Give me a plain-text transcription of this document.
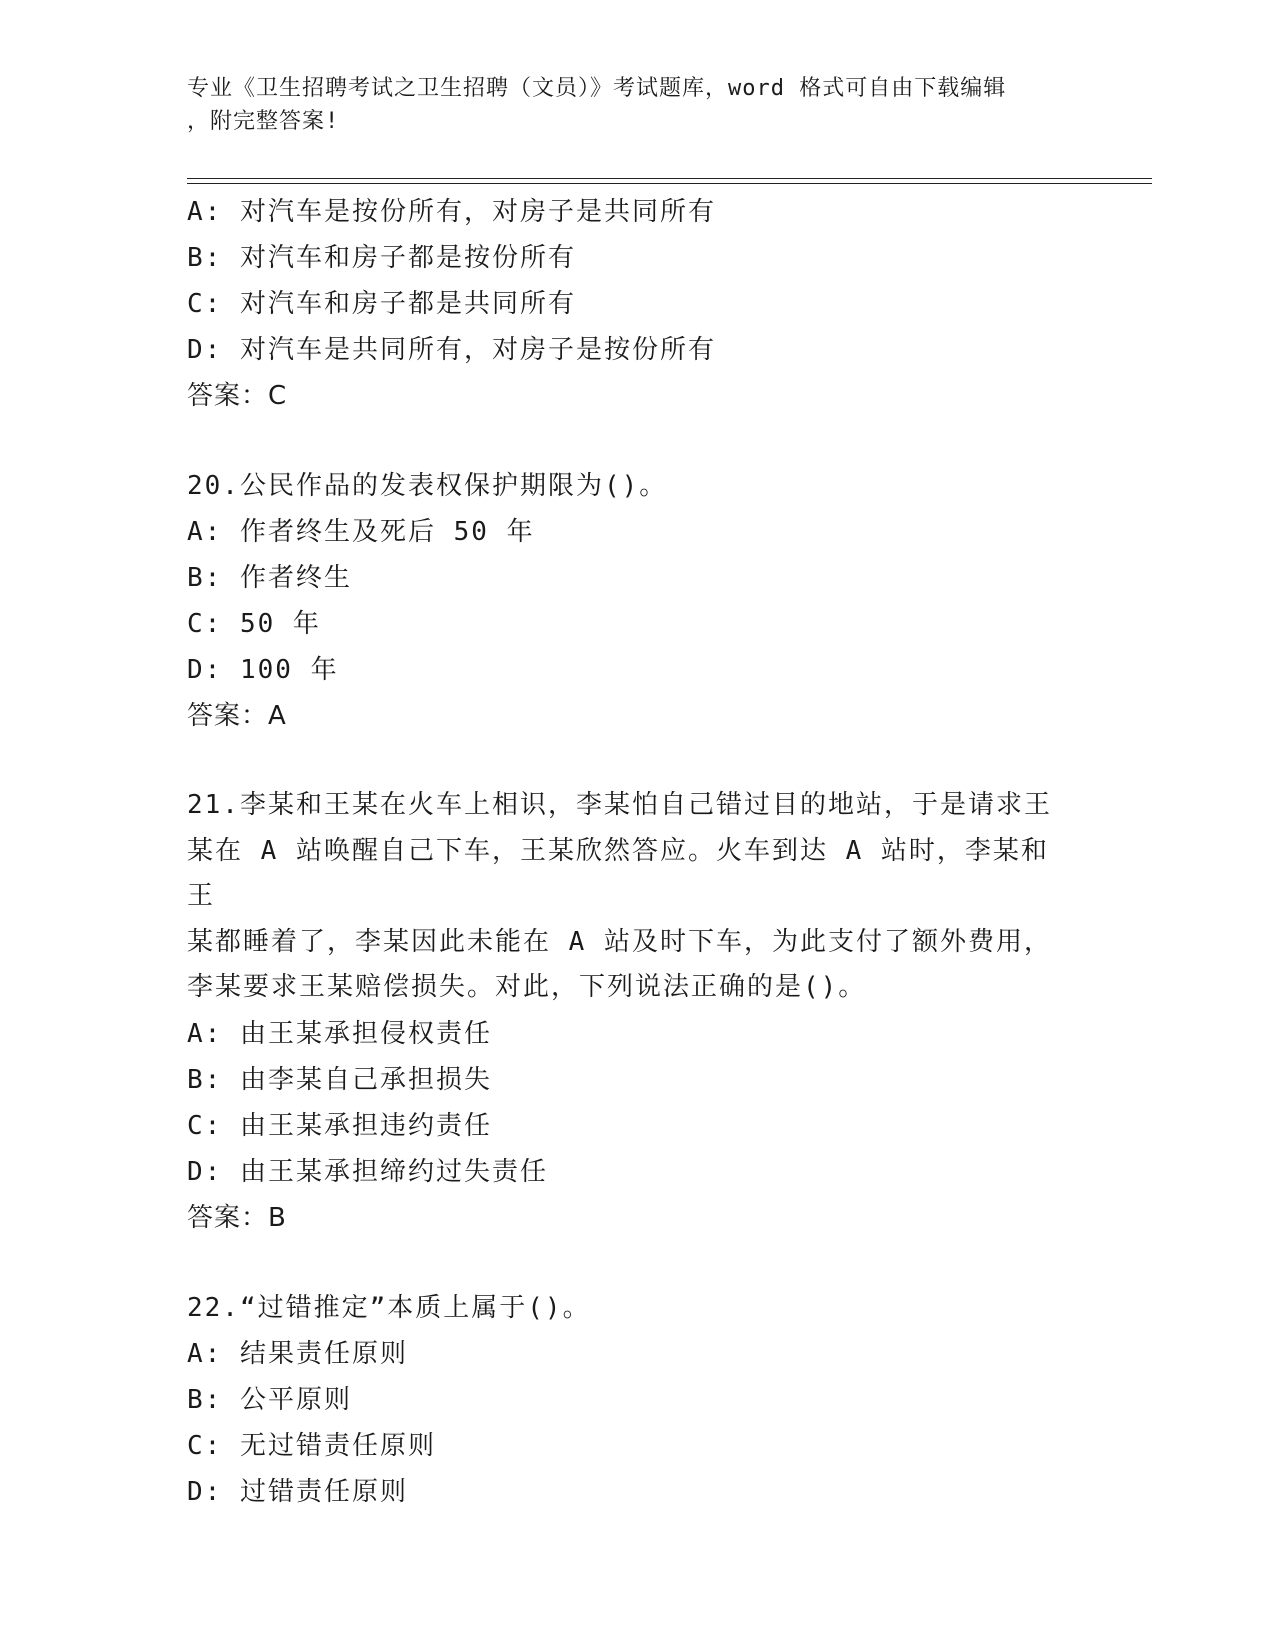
专业《卫生招聘考试之卫生招聘（文员）》考试题库，word 格式可自由下载编辑
，附完整答案!
A: 对汽车是按份所有，对房子是共同所有
B: 对汽车和房子都是按份所有
C: 对汽车和房子都是共同所有
D: 对汽车是共同所有，对房子是按份所有
答案：C
20.公民作品的发表权保护期限为()。
A: 作者终生及死后 50 年
B: 作者终生
C: 50 年
D: 100 年
答案：A
21.李某和王某在火车上相识，李某怕自己错过目的地站，于是请求王
某在 A 站唤醒自己下车，王某欣然答应。火车到达 A 站时，李某和王
某都睡着了，李某因此未能在 A 站及时下车，为此支付了额外费用，
李某要求王某赔偿损失。对此，下列说法正确的是()。
A: 由王某承担侵权责任
B: 由李某自己承担损失
C: 由王某承担违约责任
D: 由王某承担缔约过失责任
答案：B
22.“过错推定”本质上属于()。
A: 结果责任原则
B: 公平原则
C: 无过错责任原则
D: 过错责任原则
